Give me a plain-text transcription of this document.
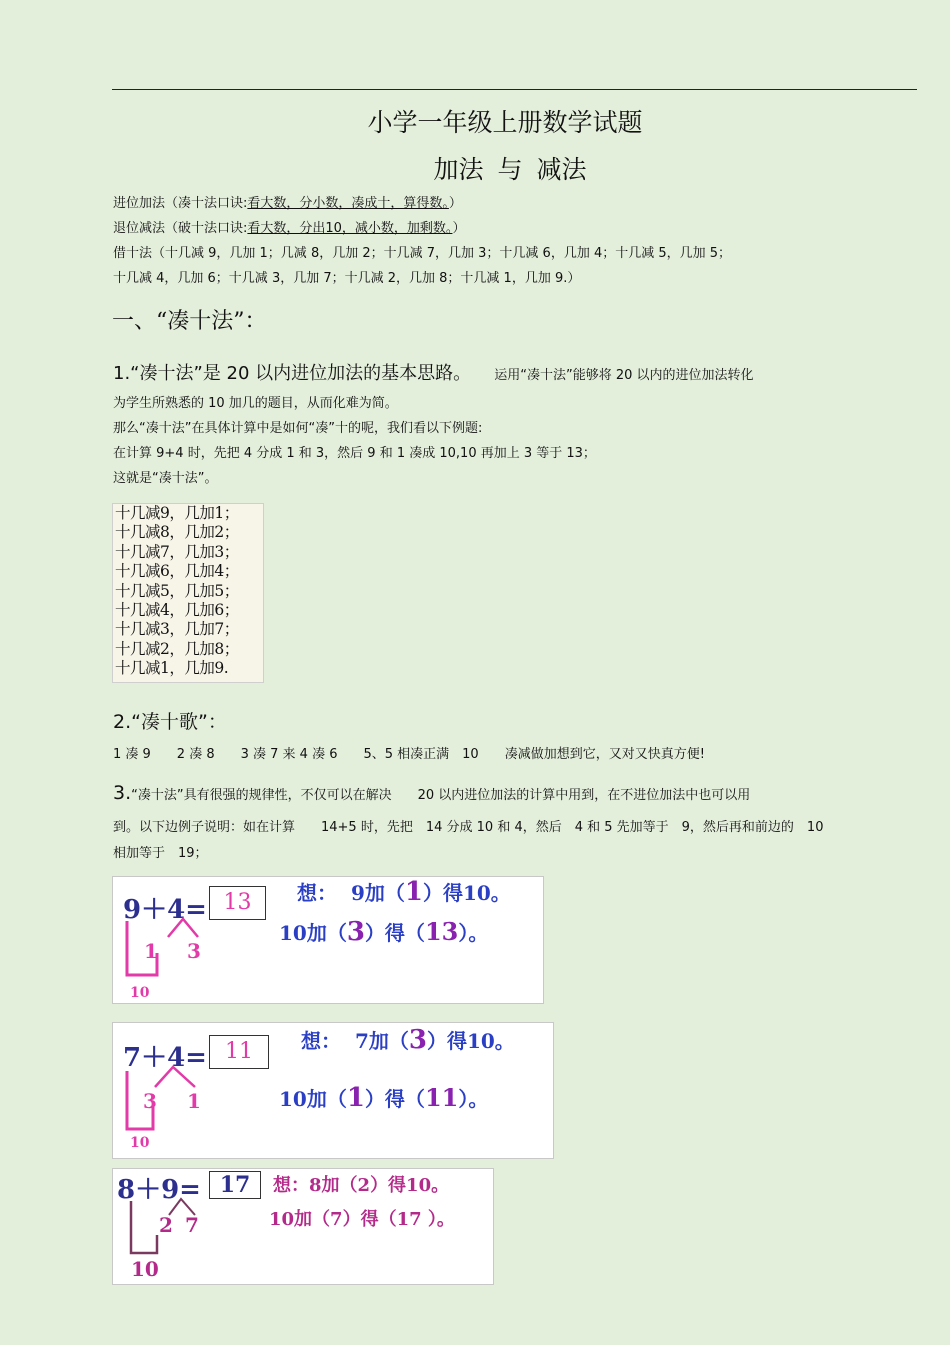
小学一年级上册数学试题
加法 与 减法
进位加法（凑十法口诀:看大数，分小数，凑成十，算得数。）
退位减法（破十法口诀:看大数，分出10，减小数，加剩数。）
借十法（十几减 9，几加 1；几减 8，几加 2；十几减 7，几加 3；十几减 6，几加 4；十几减 5，几加 5；
十几减 4，几加 6；十几减 3，几加 7；十几减 2，几加 8；十几减 1，几加 9.）
一、“凑十法”：
1.“凑十法”是 20 以内进位加法的基本思路。 运用“凑十法”能够将 20 以内的进位加法转化
为学生所熟悉的 10 加几的题目，从而化难为简。
那么“凑十法”在具体计算中是如何“凑”十的呢，我们看以下例题:
在计算 9+4 时，先把 4 分成 1 和 3，然后 9 和 1 凑成 10,10 再加上 3 等于 13；
这就是“凑十法”。
十几减9，几加1；
十几减8，几加2；
十几减7，几加3；
十几减6，几加4；
十几减5，几加5；
十几减4，几加6；
十几减3，几加7；
十几减2，几加8；
十几减1，几加9.
2.“凑十歌”：
1 凑 9　　2 凑 8　　3 凑 7 来 4 凑 6　　5、5 相凑正满　10　　凑减做加想到它，又对又快真方便!
3.“凑十法”具有很强的规律性，不仅可以在解决　　20 以内进位加法的计算中用到，在不进位加法中也可以用
到。以下边例子说明：如在计算　　14+5 时，先把　14 分成 10 和 4，然后　4 和 5 先加等于　9，然后再和前边的　10
相加等于　19；
9＋4= 13
1 3
10
想： 9加（1）得10。
10加（3）得（13）。
7＋4= 11
3 1
10
想： 7加（3）得10。
10加（1）得（11）。
8＋9= 17
2 7
10
想：8加（2）得10。
10加（7）得（17 ）。
